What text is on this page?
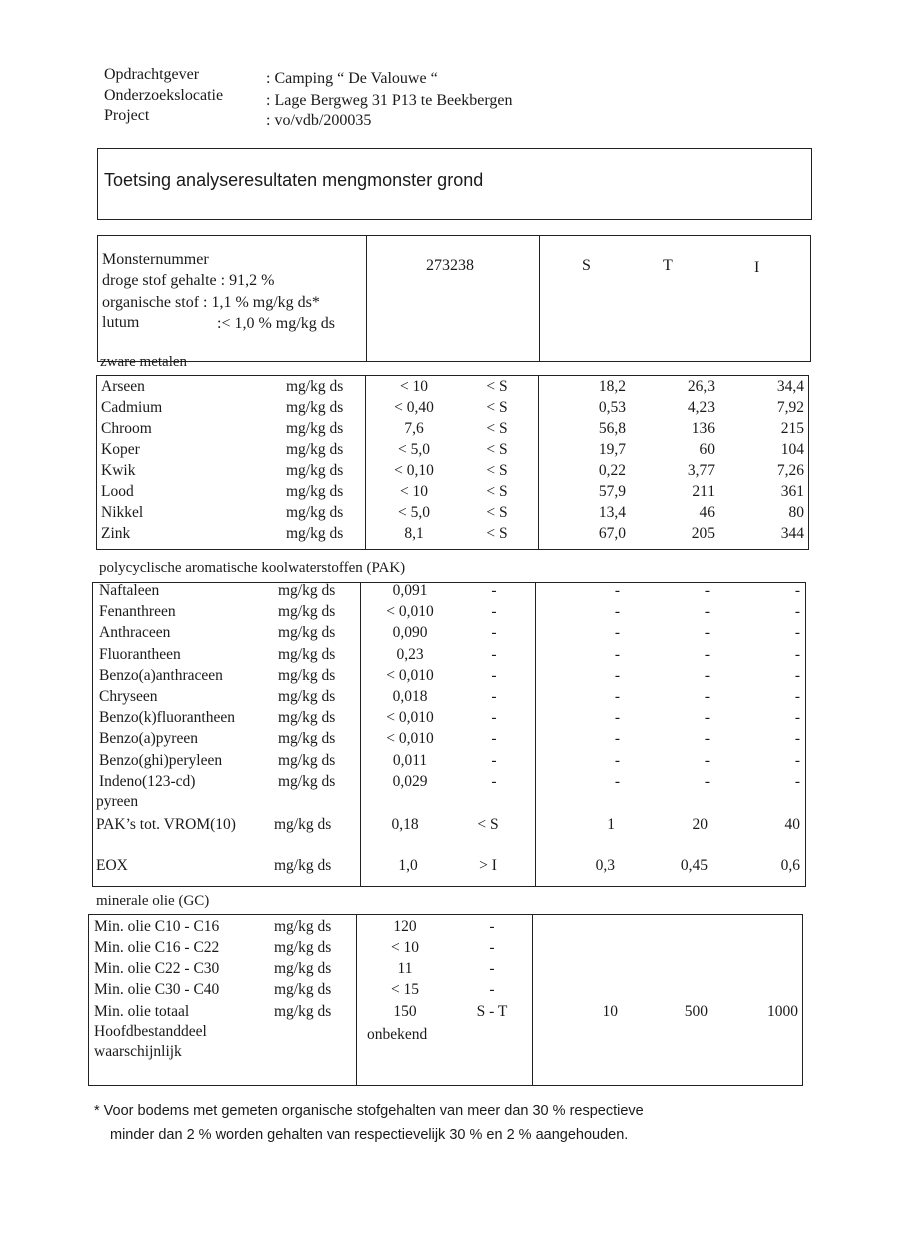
Opdrachtgever	: Camping “ De Valouwe “
Onderzoekslocatie	: Lage Bergweg 31 P13 te Beekbergen
Project	: vo/vdb/200035
Toetsing analyseresultaten mengmonster grond
Monsternummer
droge stof gehalte : 91,2 %
organische stof : 1,1 % mg/kg ds*
lutum	:< 1,0 % mg/kg ds
273238	S	T	I
zware metalen
Arseen	mg/kg ds	< 10	< S	18,2	26,3	34,4
Cadmium	mg/kg ds	< 0,40	< S	0,53	4,23	7,92
Chroom	mg/kg ds	7,6	< S	56,8	136	215
Koper	mg/kg ds	< 5,0	< S	19,7	60	104
Kwik	mg/kg ds	< 0,10	< S	0,22	3,77	7,26
Lood	mg/kg ds	< 10	< S	57,9	211	361
Nikkel	mg/kg ds	< 5,0	< S	13,4	46	80
Zink	mg/kg ds	8,1	< S	67,0	205	344
polycyclische aromatische koolwaterstoffen (PAK)
Naftaleen	mg/kg ds	0,091	-	-	-	-
Fenanthreen	mg/kg ds	< 0,010	-	-	-	-
Anthraceen	mg/kg ds	0,090	-	-	-	-
Fluorantheen	mg/kg ds	0,23	-	-	-	-
Benzo(a)anthraceen	mg/kg ds	< 0,010	-	-	-	-
Chryseen	mg/kg ds	0,018	-	-	-	-
Benzo(k)fluorantheen	mg/kg ds	< 0,010	-	-	-	-
Benzo(a)pyreen	mg/kg ds	< 0,010	-	-	-	-
Benzo(ghi)peryleen	mg/kg ds	0,011	-	-	-	-
Indeno(123-cd)	mg/kg ds	0,029	-	-	-	-
pyreen
PAK’s tot. VROM(10) mg/kg ds	0,18	< S	1	20	40
EOX	mg/kg ds	1,0	> I	0,3	0,45	0,6
minerale olie (GC)
Min. olie C10 - C16	mg/kg ds	120	-
Min. olie C16 - C22	mg/kg ds	< 10	-
Min. olie C22 - C30	mg/kg ds	11	-
Min. olie C30 - C40	mg/kg ds	< 15	-
Min. olie totaal	mg/kg ds	150	S - T	10	500	1000
Hoofdbestanddeel
waarschijnlijk
onbekend
* Voor bodems met gemeten organische stofgehalten van meer dan 30 % respectieve
minder dan 2 % worden gehalten van respectievelijk 30 % en 2 % aangehouden.
